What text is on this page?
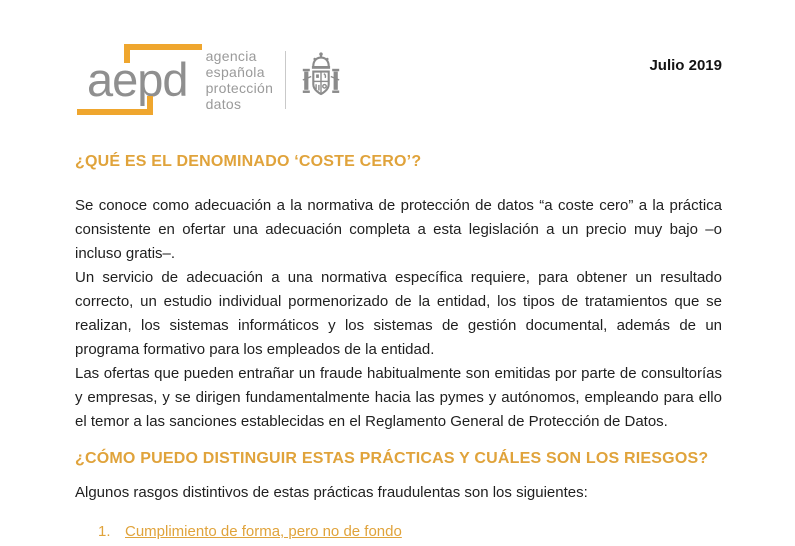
aepd	agencia
española
protección
datos
Julio 2019
¿QUÉ ES EL DENOMINADO ‘COSTE CERO’?

Se conoce como adecuación a la normativa de protección de datos “a coste cero” a la práctica consistente en ofertar una adecuación completa a esta legislación a un precio muy bajo –o incluso gratis–.

Un servicio de adecuación a una normativa específica requiere, para obtener un resultado correcto, un estudio individual pormenorizado de la entidad, los tipos de tratamientos que se realizan, los sistemas informáticos y los sistemas de gestión documental, además de un programa formativo para los empleados de la entidad.

Las ofertas que pueden entrañar un fraude habitualmente son emitidas por parte de consultorías y empresas, y se dirigen fundamentalmente hacia las pymes y autónomos, empleando para ello el temor a las sanciones establecidas en el Reglamento General de Protección de Datos.

¿CÓMO PUEDO DISTINGUIR ESTAS PRÁCTICAS Y CUÁLES SON LOS RIESGOS?

Algunos rasgos distintivos de estas prácticas fraudulentas son los siguientes:

1. Cumplimiento de forma, pero no de fondo
